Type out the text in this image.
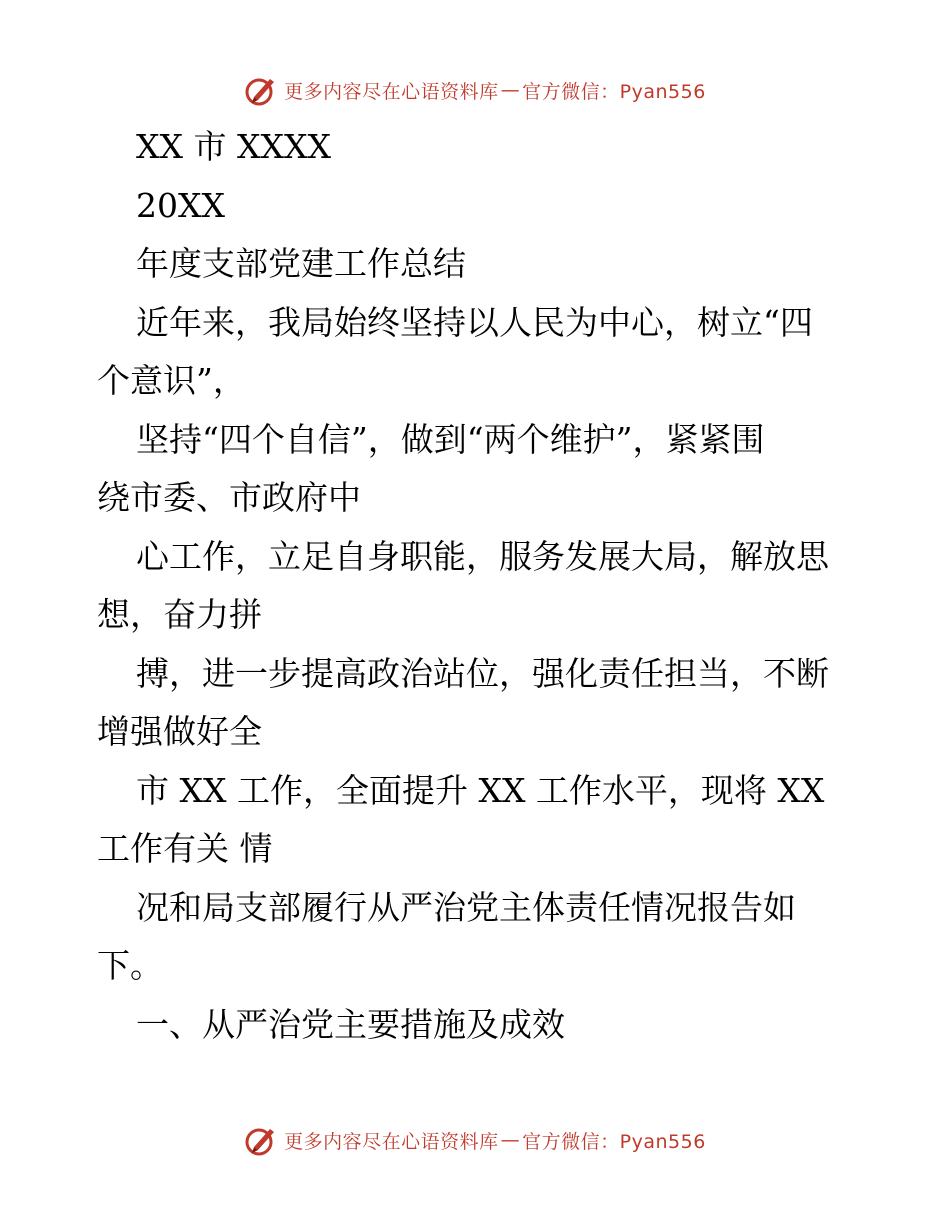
更多内容尽在心语资料库 — 官方微信：Pyan556
XX 市 XXXX
20XX
年度支部党建工作总结
近年来，我局始终坚持以人民为中心，树立“四
个意识”，
坚持“四个自信”，做到“两个维护”，紧紧围
绕市委、市政府中
心工作，立足自身职能，服务发展大局，解放思
想，奋力拼
搏，进一步提高政治站位，强化责任担当，不断
增强做好全
市 XX 工作，全面提升 XX 工作水平，现将 XX
工作有关 情
况和局支部履行从严治党主体责任情况报告如
下。
一、从严治党主要措施及成效
更多内容尽在心语资料库 — 官方微信：Pyan556
